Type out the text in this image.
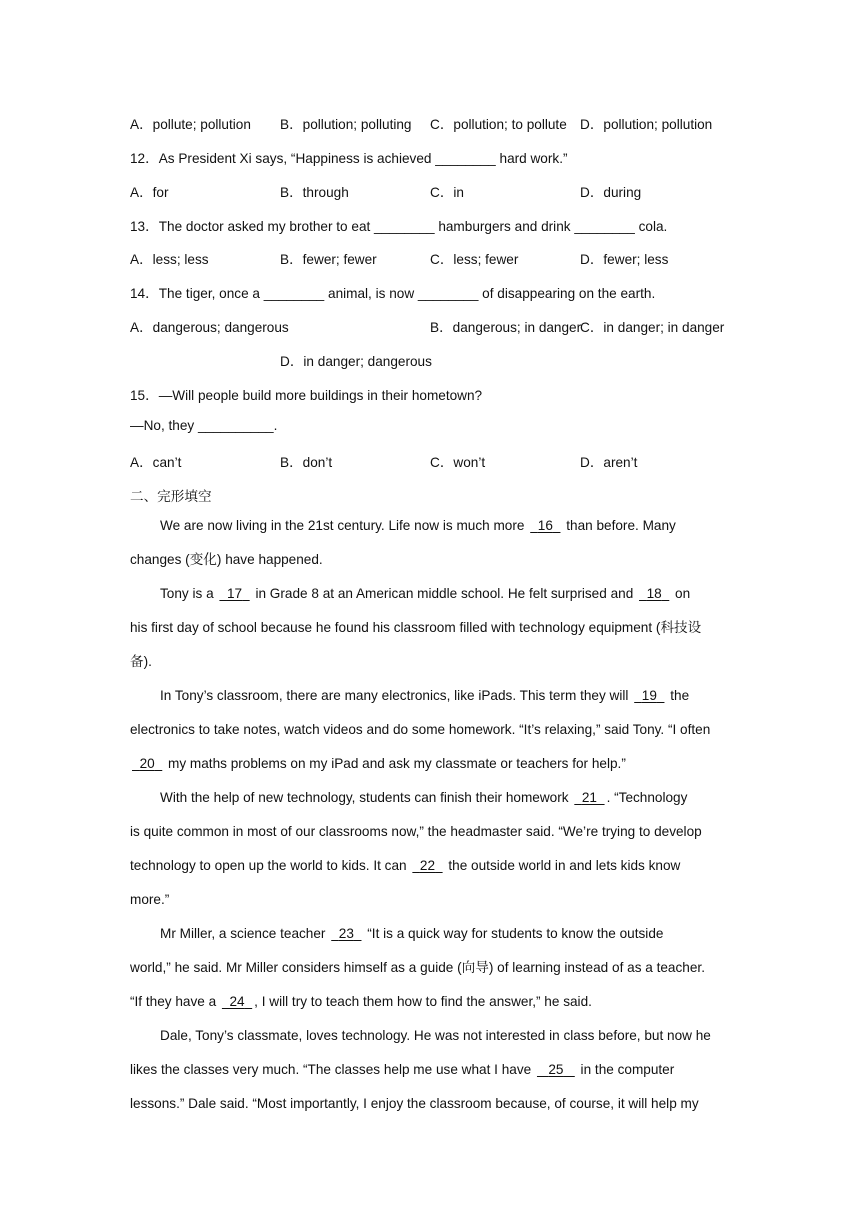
A．pollute; pollution B．pollution; polluting C．pollution; to pollute D．pollution; pollution
12．As President Xi says, “Happiness is achieved ________ hard work.”
A．for	B．through	C．in	D．during
13．The doctor asked my brother to eat ________ hamburgers and drink ________ cola.
A．less; less	B．fewer; fewer	C．less; fewer	D．fewer; less
14．The tiger, once a ________ animal, is now ________ of disappearing on the earth.
A．dangerous; dangerous	B．dangerous; in danger
C．in danger; in danger
D．in danger; dangerous
15．—Will people build more buildings in their hometown?
—No, they __________.
A．can’t	B．don’t	C．won’t	D．aren’t
二、完形填空

We are now living in the 21st century. Life now is much more   16   than before. Many

changes (变化) have happened.

Tony is a   17   in Grade 8 at an American middle school. He felt surprised and   18   on

his first day of school because he found his classroom filled with technology equipment (科技设

备).

In Tony’s classroom, there are many electronics, like iPads. This term they will   19   the

electronics to take notes, watch videos and do some homework. “It’s relaxing,” said Tony. “I often

20   my maths problems on my iPad and ask my classmate or teachers for help.”

With the help of new technology, students can finish their homework   21 . “Technology

is quite common in most of our classrooms now,” the headmaster said. “We’re trying to develop

technology to open up the world to kids. It can   22   the outside world in and lets kids know

more.”

Mr Miller, a science teacher   23   “It is a quick way for students to know the outside

world,” he said. Mr Miller considers himself as a guide (向导) of learning instead of as a teacher.

“If they have a   24 , I will try to teach them how to find the answer,” he said.

Dale, Tony’s classmate, loves technology. He was not interested in class before, but now he

likes the classes very much. “The classes help me use what I have    25    in the computer

lessons.” Dale said. “Most importantly, I enjoy the classroom because, of course, it will help my
